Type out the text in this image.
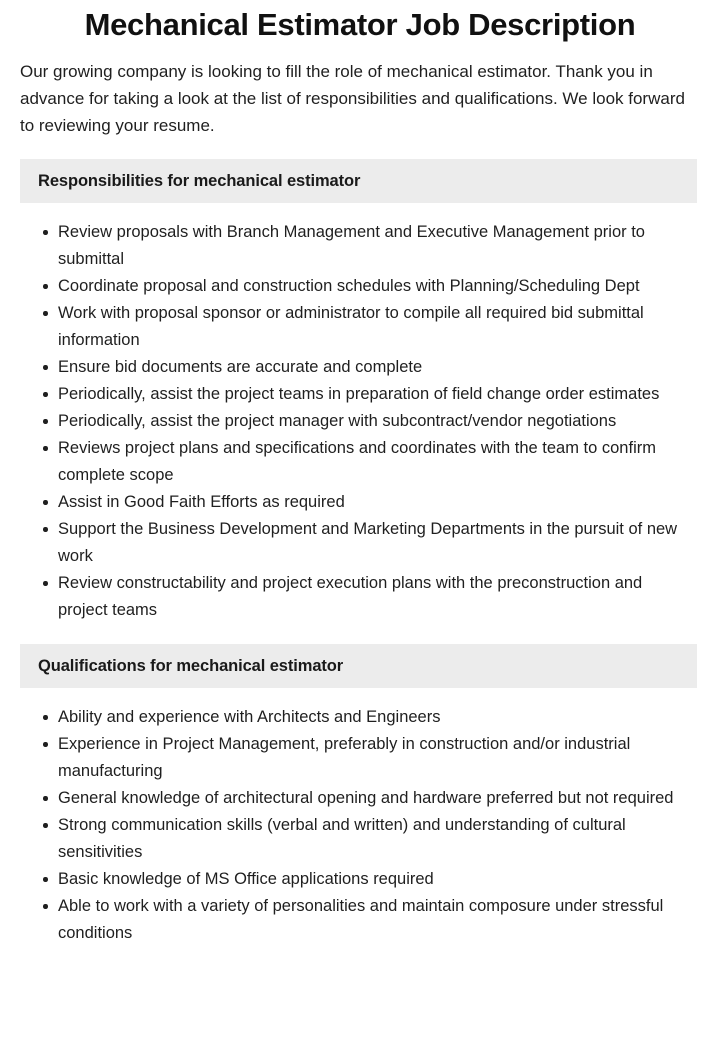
Mechanical Estimator Job Description

Our growing company is looking to fill the role of mechanical estimator. Thank you in advance for taking a look at the list of responsibilities and qualifications. We look forward to reviewing your resume.

Responsibilities for mechanical estimator
Review proposals with Branch Management and Executive Management prior to submittal
Coordinate proposal and construction schedules with Planning/Scheduling Dept
Work with proposal sponsor or administrator to compile all required bid submittal information
Ensure bid documents are accurate and complete
Periodically, assist the project teams in preparation of field change order estimates
Periodically, assist the project manager with subcontract/vendor negotiations
Reviews project plans and specifications and coordinates with the team to confirm complete scope
Assist in Good Faith Efforts as required
Support the Business Development and Marketing Departments in the pursuit of new work
Review constructability and project execution plans with the preconstruction and project teams
Qualifications for mechanical estimator
Ability and experience with Architects and Engineers
Experience in Project Management, preferably in construction and/or industrial manufacturing
General knowledge of architectural opening and hardware preferred but not required
Strong communication skills (verbal and written) and understanding of cultural sensitivities
Basic knowledge of MS Office applications required
Able to work with a variety of personalities and maintain composure under stressful conditions
